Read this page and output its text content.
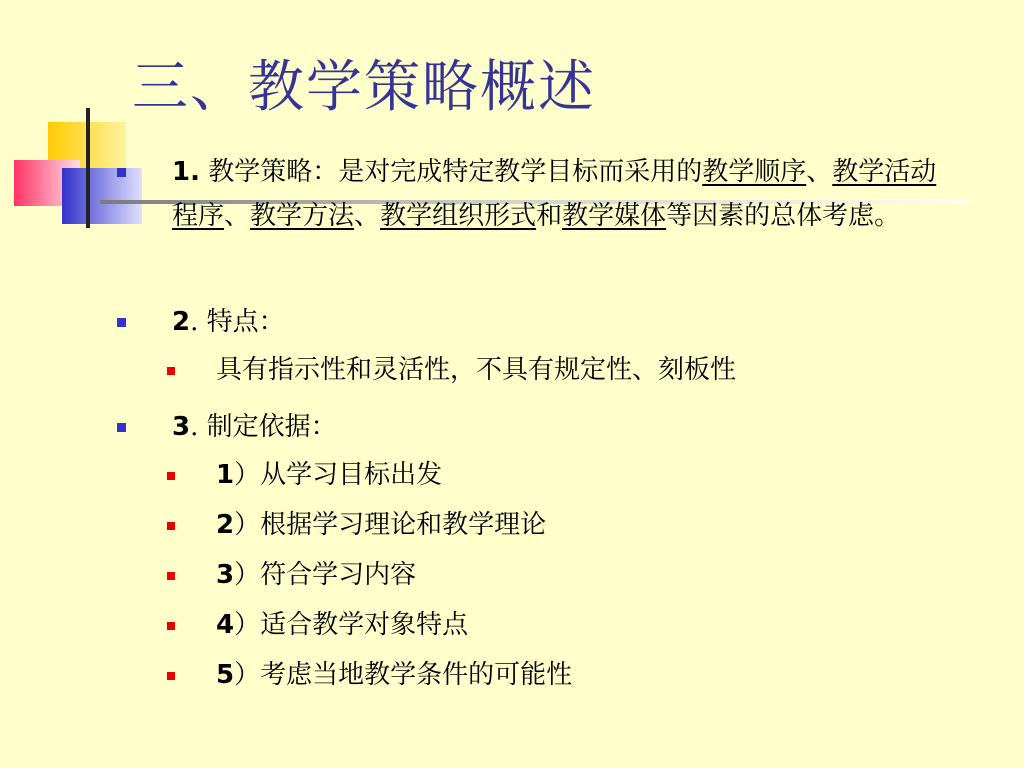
三、教学策略概述
1. 教学策略：是对完成特定教学目标而采用的教学顺序、教学活动程序、教学方法、教学组织形式和教学媒体等因素的总体考虑。
2. 特点：
具有指示性和灵活性，不具有规定性、刻板性
3. 制定依据：
1）从学习目标出发
2）根据学习理论和教学理论
3）符合学习内容
4）适合教学对象特点
5）考虑当地教学条件的可能性
